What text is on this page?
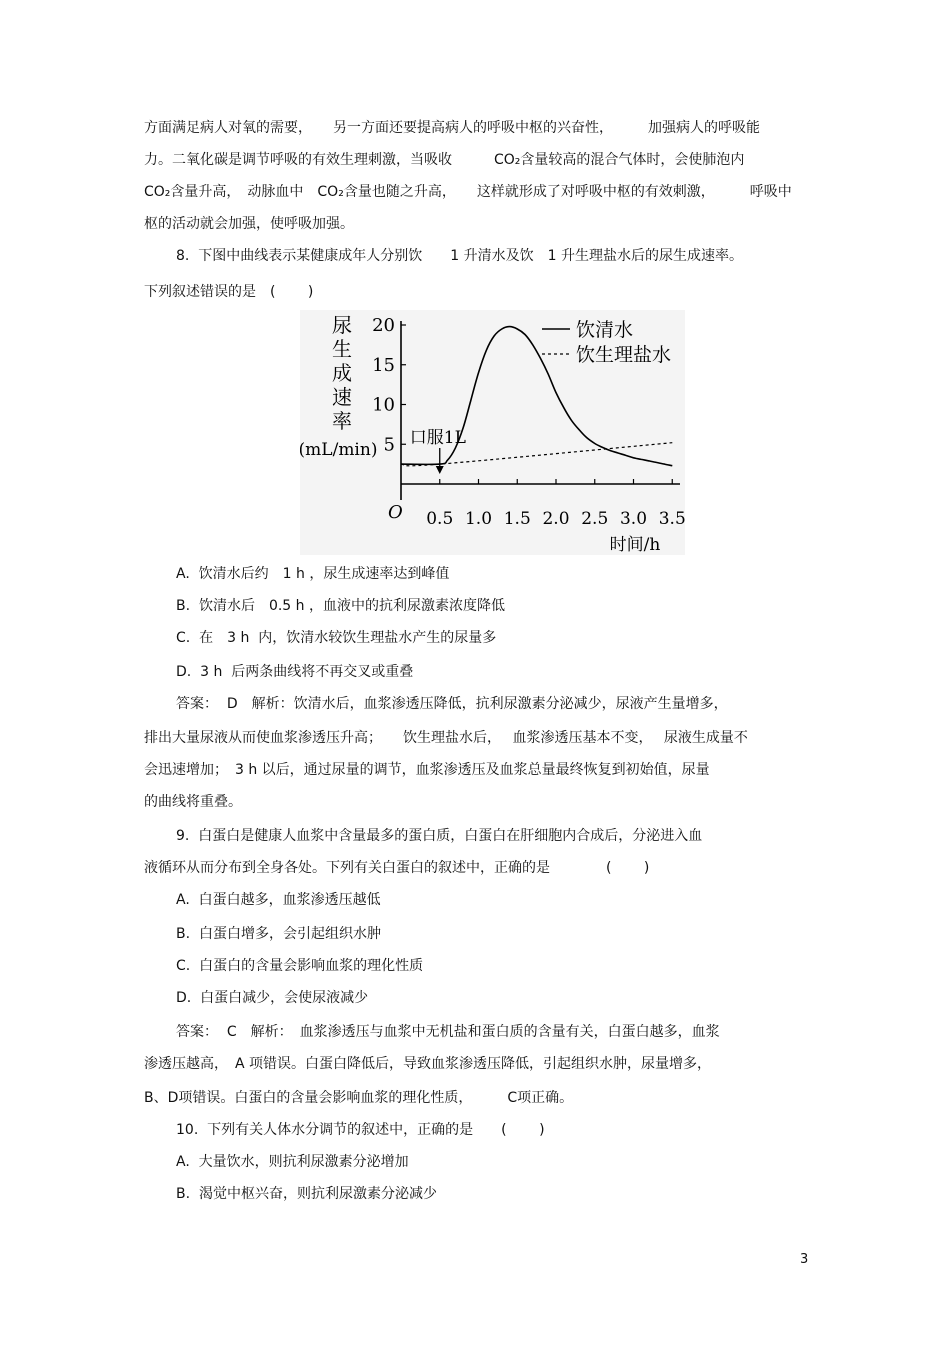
方面满足病人对氧的需要，　　另一方面还要提高病人的呼吸中枢的兴奋性，　　　加强病人的呼吸能
力。二氧化碳是调节呼吸的有效生理刺激，当吸收　　　CO₂含量较高的混合气体时，会使肺泡内
CO₂含量升高，　动脉血中　CO₂含量也随之升高，　　这样就形成了对呼吸中枢的有效刺激，　　　呼吸中
枢的活动就会加强，使呼吸加强。
8.  下图中曲线表示某健康成年人分别饮　　1 升清水及饮　1 升生理盐水后的尿生成速率。
下列叙述错误的是　(　　 )
尿
生
成
速
率
(mL/min) 5
10
15
20
0.5 1.0 1.5 2.0 2.5 3.0 3.5
O
时间/h
口服1L
饮清水
饮生理盐水
A.  饮清水后约　1 h ，尿生成速率达到峰值
B.  饮清水后　0.5 h ，血液中的抗利尿激素浓度降低
C.  在　3 h  内，饮清水较饮生理盐水产生的尿量多
D.  3 h  后两条曲线将不再交叉或重叠
答案：  D　解析：饮清水后，血浆渗透压降低，抗利尿激素分泌减少，尿液产生量增多，
排出大量尿液从而使血浆渗透压升高；　　饮生理盐水后，　 血浆渗透压基本不变，　 尿液生成量不
会迅速增加；　3 h 以后，通过尿量的调节，血浆渗透压及血浆总量最终恢复到初始值，尿量
的曲线将重叠。
9.  白蛋白是健康人血浆中含量最多的蛋白质，白蛋白在肝细胞内合成后，分泌进入血
液循环从而分布到全身各处。下列有关白蛋白的叙述中，正确的是　　　　(　　 )
A.  白蛋白越多，血浆渗透压越低
B.  白蛋白增多，会引起组织水肿
C.  白蛋白的含量会影响血浆的理化性质
D.  白蛋白减少，会使尿液减少
答案：  C　解析：　血浆渗透压与血浆中无机盐和蛋白质的含量有关，白蛋白越多，血浆
渗透压越高，　A 项错误。白蛋白降低后，导致血浆渗透压降低，引起组织水肿，尿量增多，
B、D项错误。白蛋白的含量会影响血浆的理化性质，　　　C项正确。
10.  下列有关人体水分调节的叙述中，正确的是　　(　　 )
A.  大量饮水，则抗利尿激素分泌增加
B.  渴觉中枢兴奋，则抗利尿激素分泌减少
3
